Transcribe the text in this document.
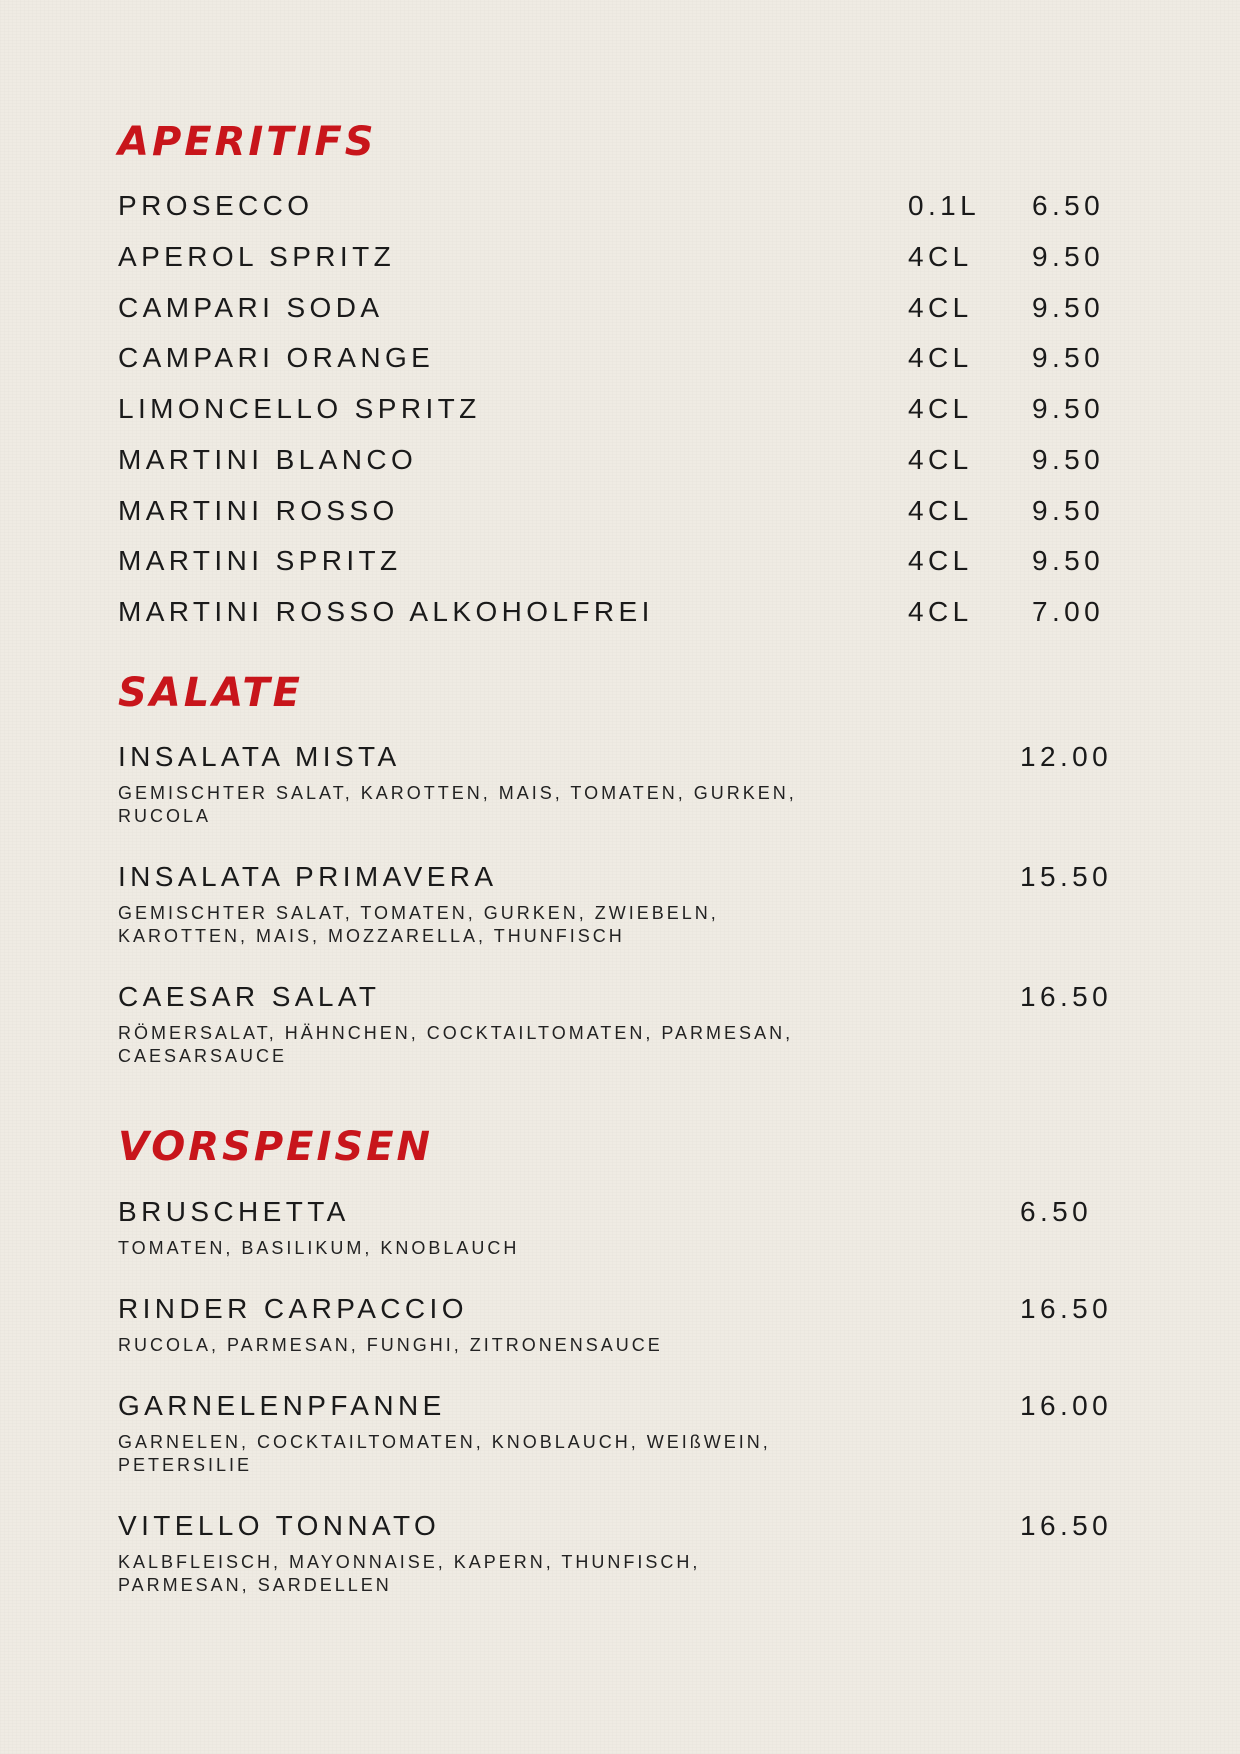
APERITIFS
PROSECCO	0.1L 6.50
APEROL SPRITZ	4CL 9.50
CAMPARI SODA	4CL 9.50
CAMPARI ORANGE	4CL 9.50
LIMONCELLO SPRITZ	4CL 9.50
MARTINI BLANCO	4CL 9.50
MARTINI ROSSO	4CL 9.50
MARTINI SPRITZ	4CL 9.50
MARTINI ROSSO ALKOHOLFREI	4CL 7.00
SALATE
INSALATA MISTA	12.00
GEMISCHTER SALAT, KAROTTEN, MAIS, TOMATEN, GURKEN, RUCOLA
INSALATA PRIMAVERA	15.50
GEMISCHTER SALAT, TOMATEN, GURKEN, ZWIEBELN, KAROTTEN, MAIS, MOZZARELLA, THUNFISCH
CAESAR SALAT	16.50
RÖMERSALAT, HÄHNCHEN, COCKTAILTOMATEN, PARMESAN, CAESARSAUCE
VORSPEISEN
BRUSCHETTA	6.50
TOMATEN, BASILIKUM, KNOBLAUCH
RINDER CARPACCIO	16.50
RUCOLA, PARMESAN, FUNGHI, ZITRONENSAUCE
GARNELENPFANNE	16.00
GARNELEN, COCKTAILTOMATEN, KNOBLAUCH, WEIßWEIN, PETERSILIE
VITELLO TONNATO	16.50
KALBFLEISCH, MAYONNAISE, KAPERN, THUNFISCH, PARMESAN, SARDELLEN
